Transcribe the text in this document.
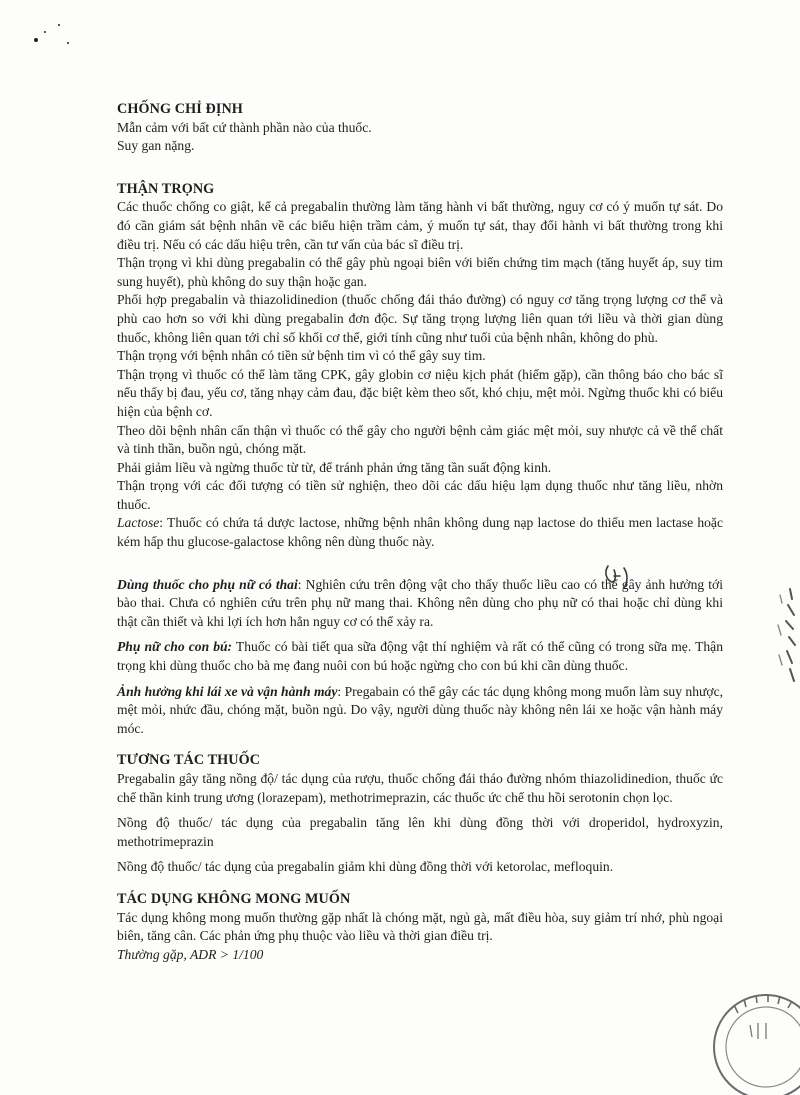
CHỐNG CHỈ ĐỊNH

Mẫn cảm với bất cứ thành phần nào của thuốc.

Suy gan nặng.

THẬN TRỌNG

Các thuốc chống co giật, kể cả pregabalin thường làm tăng hành vi bất thường, nguy cơ có ý muốn tự sát. Do đó cần giám sát bệnh nhân về các biểu hiện trầm cảm, ý muốn tự sát, thay đổi hành vi bất thường trong khi điều trị. Nếu có các dấu hiệu trên, cần tư vấn của bác sĩ điều trị.

Thận trọng vì khi dùng pregabalin có thể gây phù ngoại biên với biến chứng tim mạch (tăng huyết áp, suy tim sung huyết), phù không do suy thận hoặc gan.

Phối hợp pregabalin và thiazolidinedion (thuốc chống đái tháo đường) có nguy cơ tăng trọng lượng cơ thể và phù cao hơn so với khi dùng pregabalin đơn độc. Sự tăng trọng lượng liên quan tới liều và thời gian dùng thuốc, không liên quan tới chỉ số khối cơ thể, giới tính cũng như tuổi của bệnh nhân, không do phù.

Thận trọng với bệnh nhân có tiền sử bệnh tim vì có thể gây suy tim.

Thận trọng vì thuốc có thể làm tăng CPK, gây globin cơ niệu kịch phát (hiếm gặp), cần thông báo cho bác sĩ nếu thấy bị đau, yếu cơ, tăng nhạy cảm đau, đặc biệt kèm theo sốt, khó chịu, mệt mỏi. Ngừng thuốc khi có biểu hiện của bệnh cơ.

Theo dõi bệnh nhân cẩn thận vì thuốc có thể gây cho người bệnh cảm giác mệt mỏi, suy nhược cả về thể chất và tinh thần, buồn ngủ, chóng mặt.

Phải giảm liều và ngừng thuốc từ từ, để tránh phản ứng tăng tần suất động kinh.

Thận trọng với các đối tượng có tiền sử nghiện, theo dõi các dấu hiệu lạm dụng thuốc như tăng liều, nhờn thuốc.

Lactose: Thuốc có chứa tá dược lactose, những bệnh nhân không dung nạp lactose do thiếu men lactase hoặc kém hấp thu glucose-galactose không nên dùng thuốc này.

Dùng thuốc cho phụ nữ có thai: Nghiên cứu trên động vật cho thấy thuốc liều cao có thể gây ảnh hưởng tới bào thai. Chưa có nghiên cứu trên phụ nữ mang thai. Không nên dùng cho phụ nữ có thai hoặc chỉ dùng khi thật cần thiết và khi lợi ích hơn hẳn nguy cơ có thể xảy ra.

Phụ nữ cho con bú: Thuốc có bài tiết qua sữa động vật thí nghiệm và rất có thể cũng có trong sữa mẹ. Thận trọng khi dùng thuốc cho bà mẹ đang nuôi con bú hoặc ngừng cho con bú khi cần dùng thuốc.

Ảnh hưởng khi lái xe và vận hành máy: Pregabain có thể gây các tác dụng không mong muốn làm suy nhược, mệt mỏi, nhức đầu, chóng mặt, buồn ngủ. Do vậy, người dùng thuốc này không nên lái xe hoặc vận hành máy móc.

TƯƠNG TÁC THUỐC

Pregabalin gây tăng nồng độ/ tác dụng của rượu, thuốc chống đái tháo đường nhóm thiazolidinedion, thuốc ức chế thần kinh trung ương (lorazepam), methotrimeprazin, các thuốc ức chế thu hồi serotonin chọn lọc.

Nồng độ thuốc/ tác dụng của pregabalin tăng lên khi dùng đồng thời với droperidol, hydroxyzin, methotrimeprazin

Nồng độ thuốc/ tác dụng của pregabalin giảm khi dùng đồng thời với ketorolac, mefloquin.

TÁC DỤNG KHÔNG MONG MUỐN

Tác dụng không mong muốn thường gặp nhất là chóng mặt, ngủ gà, mất điều hòa, suy giảm trí nhớ, phù ngoại biên, tăng cân. Các phản ứng phụ thuộc vào liều và thời gian điều trị.

Thường gặp, ADR > 1/100
